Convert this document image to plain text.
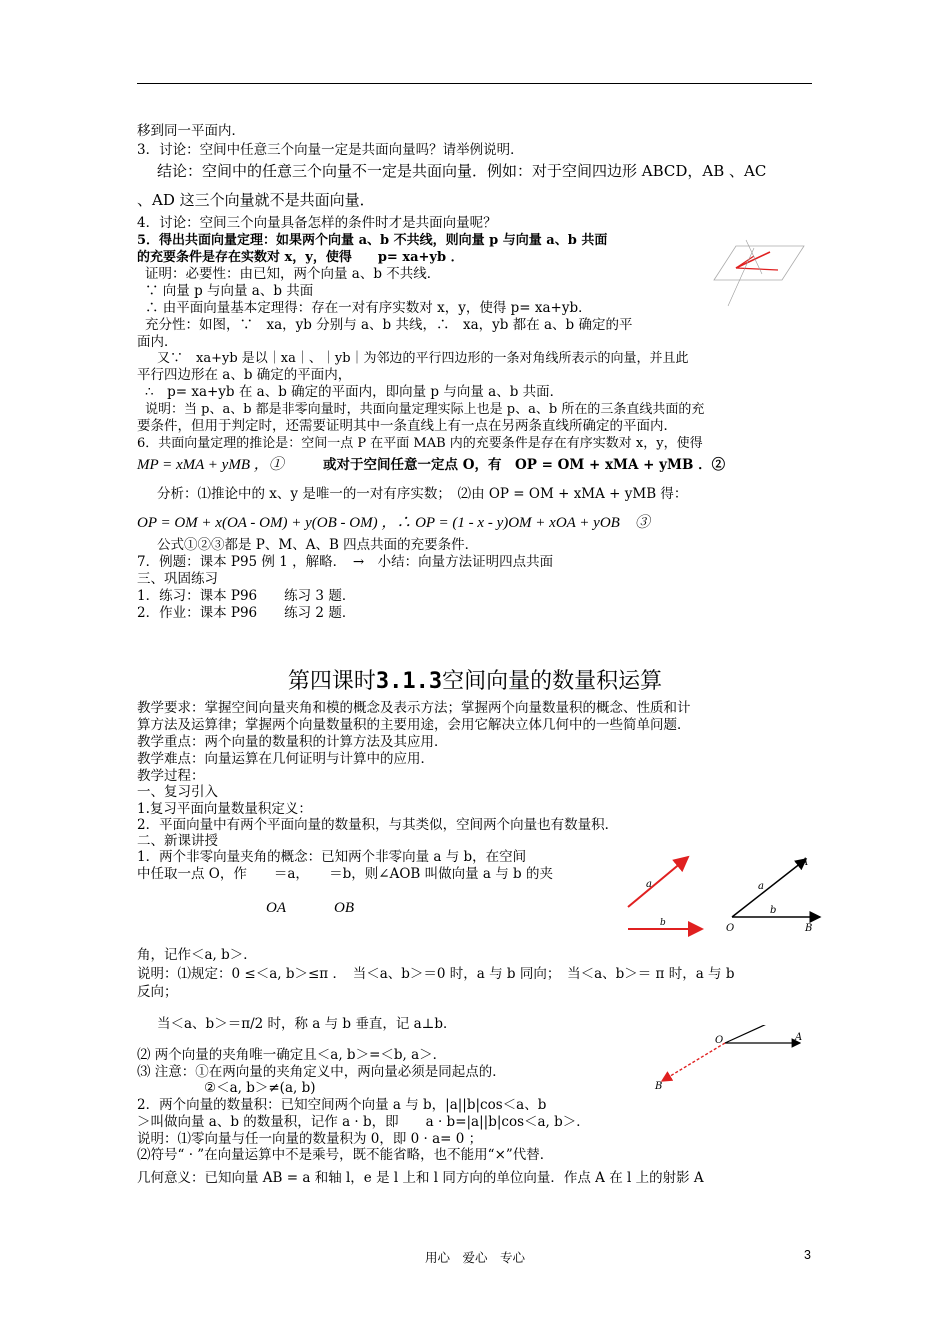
移到同一平面内．
3．讨论：空间中任意三个向量一定是共面向量吗？请举例说明．
结论：空间中的任意三个向量不一定是共面向量．例如：对于空间四边形 ABCD，AB 、AC
、AD 这三个向量就不是共面向量．
4．讨论：空间三个向量具备怎样的条件时才是共面向量呢？
5．得出共面向量定理：如果两个向量 a、b 不共线，则向量 p 与向量 a、b 共面
的充要条件是存在实数对 x，y，使得　　p= xa+yb ．
证明：必要性：由已知，两个向量 a、b 不共线．
∵ 向量 p 与向量 a、b 共面
∴ 由平面向量基本定理得：存在一对有序实数对 x，y，使得 p= xa+yb．
充分性：如图，∵　xa，yb 分别与 a、b 共线，∴　xa，yb 都在 a、b 确定的平
面内．
又∵　xa+yb 是以｜xa｜、｜yb｜为邻边的平行四边形的一条对角线所表示的向量，并且此
平行四边形在 a、b 确定的平面内，
∴　p= xa+yb 在 a、b 确定的平面内，即向量 p 与向量 a、b 共面．
说明：当 p、a、b 都是非零向量时，共面向量定理实际上也是 p、a、b 所在的三条直线共面的充
要条件，但用于判定时，还需要证明其中一条直线上有一点在另两条直线所确定的平面内．
6．共面向量定理的推论是：空间一点 P 在平面 MAB 内的充要条件是存在有序实数对 x，y，使得
MP = xMA + yMB ，①	或对于空间任意一定点 O，有　OP = OM + xMA + yMB ．②
分析：⑴推论中的 x、y 是唯一的一对有序实数；　⑵由 OP = OM + xMA + yMB 得：
OP = OM + x(OA - OM) + y(OB - OM) ，∴ OP = (1 - x - y)OM + xOA + yOB　③
公式①②③都是 P、M、A、B 四点共面的充要条件．
7．例题：课本 P95 例 1 ，解略．　→　小结：向量方法证明四点共面
三、巩固练习
1．练习：课本 P96　　练习 3 题．
2．作业：课本 P96　　练习 2 题．
第四课时3.1.3空间向量的数量积运算
教学要求：掌握空间向量夹角和模的概念及表示方法；掌握两个向量数量积的概念、性质和计
算方法及运算律；掌握两个向量数量积的主要用途，会用它解决立体几何中的一些简单问题．
教学重点：两个向量的数量积的计算方法及其应用．
教学难点：向量运算在几何证明与计算中的应用．
教学过程：
一、复习引入
1.复习平面向量数量积定义：
2．平面向量中有两个平面向量的数量积，与其类似，空间两个向量也有数量积．
二、新课讲授
1．两个非零向量夹角的概念：已知两个非零向量 a 与 b，在空间
中任取一点 O，作　　＝a，　　＝b，则∠AOB 叫做向量 a 与 b 的夹
OA	OB
a
b	O
A
B
a
b
角，记作＜a, b＞．
说明：⑴规定：0 ≤＜a, b＞≤π ．　当＜a、b＞＝0 时，a 与 b 同向；　当＜a、b＞＝ π 时，a 与 b
反向；
当＜a、b＞＝π/2 时，称 a 与 b 垂直，记 a⊥b．
⑵ 两个向量的夹角唯一确定且＜a, b＞=＜b, a＞．
⑶ 注意：①在两向量的夹角定义中，两向量必须是同起点的．
②＜a, b＞≠(a, b)
2．两个向量的数量积：已知空间两个向量 a 与 b，|a||b|cos＜a、b
＞叫做向量 a、b 的数量积，记作 a · b，即　　a · b=|a||b|cos＜a, b＞．
说明：⑴零向量与任一向量的数量积为 0，即 0 · a= 0 ；
⑵符号“ · ”在向量运算中不是乘号，既不能省略，也不能用“×”代替．
几何意义：已知向量 AB = a 和轴 l，e 是 l 上和 l 同方向的单位向量．作点 A 在 l 上的射影 A
O	A
B
用心　爱心　专心	3
